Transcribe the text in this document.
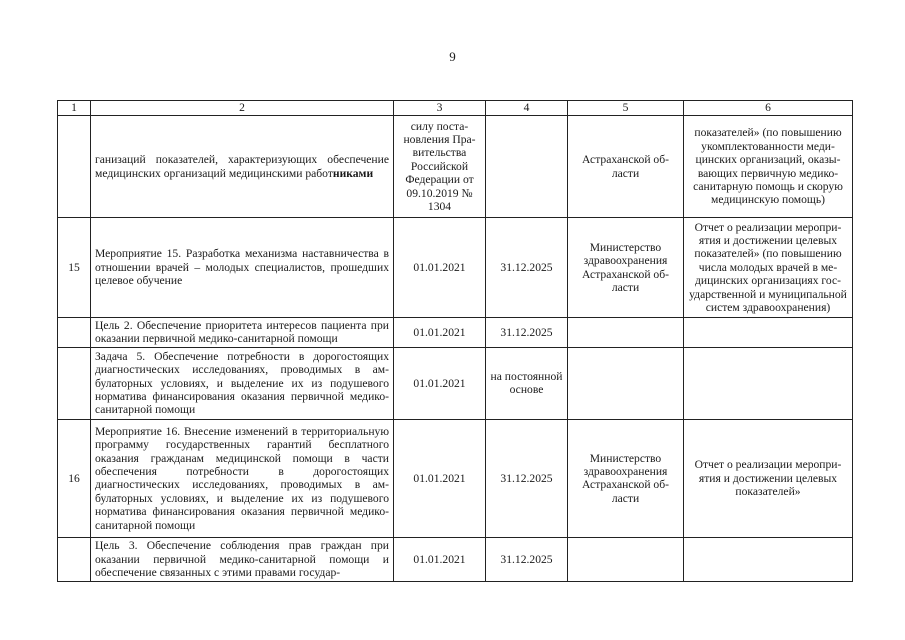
9
1	2	3	4	5	6
	ганизаций показателей, характеризующих обеспечение медицинских организаций медицинскими работниками	силу постановления Правительства Российской Федерации от 09.10.2019 № 1304		Астраханской области	показателей» (по повышению укомплектованности медицинских организаций, оказывающих первичную медико-санитарную помощь и скорую медицинскую помощь)
15	Мероприятие 15. Разработка механизма наставничества в отношении врачей – молодых специалистов, прошедших целевое обучение	01.01.2021	31.12.2025	Министерство здравоохранения Астраханской области	Отчет о реализации мероприятия и достижении целевых показателей» (по повышению числа молодых врачей в медицинских организациях государственной и муниципальной систем здравоохранения)
	Цель 2. Обеспечение приоритета интересов пациента при оказании первичной медико-санитарной помощи	01.01.2021	31.12.2025		
	Задача 5. Обеспечение потребности в дорогостоящих диагностических исследованиях, проводимых в амбулаторных условиях, и выделение их из подушевого норматива финансирования оказания первичной медико-санитарной помощи	01.01.2021	на постоянной основе		
16	Мероприятие 16. Внесение изменений в территориальную программу государственных гарантий бесплатного оказания гражданам медицинской помощи в части обеспечения потребности в дорогостоящих диагностических исследованиях, проводимых в амбулаторных условиях, и выделение их из подушевого норматива финансирования оказания первичной медико-санитарной помощи	01.01.2021	31.12.2025	Министерство здравоохранения Астраханской области	Отчет о реализации мероприятия и достижении целевых показателей»
	Цель 3. Обеспечение соблюдения прав граждан при оказании первичной медико-санитарной помощи и обеспечение связанных с этими правами государ-	01.01.2021	31.12.2025		
